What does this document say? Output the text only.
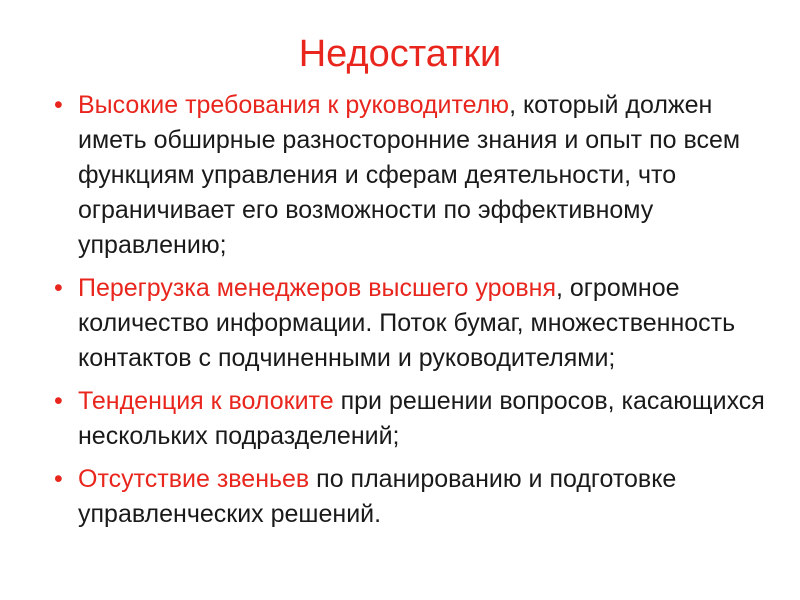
Недостатки
• Высокие требования к руководителю, который должен иметь обширные разносторонние знания и опыт по всем функциям управления и сферам деятельности, что ограничивает его возможности по эффективному управлению;
• Перегрузка менеджеров высшего уровня, огромное количество информации. Поток бумаг, множественность контактов с подчиненными и руководителями;
• Тенденция к волоките при решении вопросов, касающихся нескольких подразделений;
• Отсутствие звеньев по планированию и подготовке управленческих решений.
